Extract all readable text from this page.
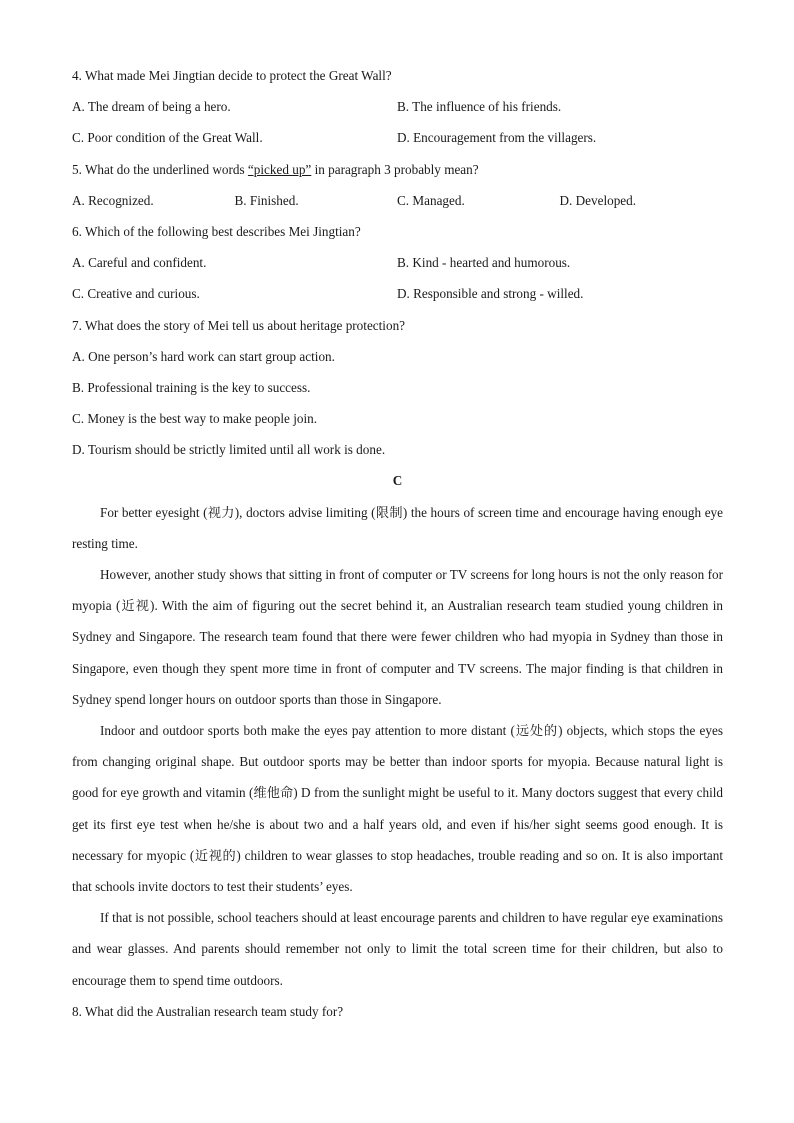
4. What made Mei Jingtian decide to protect the Great Wall?
A. The dream of being a hero.	B. The influence of his friends.
C. Poor condition of the Great Wall.	D. Encouragement from the villagers.
5. What do the underlined words “picked up” in paragraph 3 probably mean?
A. Recognized.	B. Finished.	C. Managed.	D. Developed.
6. Which of the following best describes Mei Jingtian?
A. Careful and confident.	B. Kind - hearted and humorous.
C. Creative and curious.	D. Responsible and strong - willed.
7. What does the story of Mei tell us about heritage protection?
A. One person’s hard work can start group action.
B. Professional training is the key to success.
C. Money is the best way to make people join.
D. Tourism should be strictly limited until all work is done.
C

For better eyesight (视力), doctors advise limiting (限制) the hours of screen time and encourage having enough eye resting time.

However, another study shows that sitting in front of computer or TV screens for long hours is not the only reason for myopia (近视). With the aim of figuring out the secret behind it, an Australian research team studied young children in Sydney and Singapore. The research team found that there were fewer children who had myopia in Sydney than those in Singapore, even though they spent more time in front of computer and TV screens. The major finding is that children in Sydney spend longer hours on outdoor sports than those in Singapore.

Indoor and outdoor sports both make the eyes pay attention to more distant (远处的) objects, which stops the eyes from changing original shape. But outdoor sports may be better than indoor sports for myopia. Because natural light is good for eye growth and vitamin (维他命) D from the sunlight might be useful to it. Many doctors suggest that every child get its first eye test when he/she is about two and a half years old, and even if his/her sight seems good enough. It is necessary for myopic (近视的) children to wear glasses to stop headaches, trouble reading and so on. It is also important that schools invite doctors to test their students’ eyes.

If that is not possible, school teachers should at least encourage parents and children to have regular eye examinations and wear glasses. And parents should remember not only to limit the total screen time for their children, but also to encourage them to spend time outdoors.

8. What did the Australian research team study for?
